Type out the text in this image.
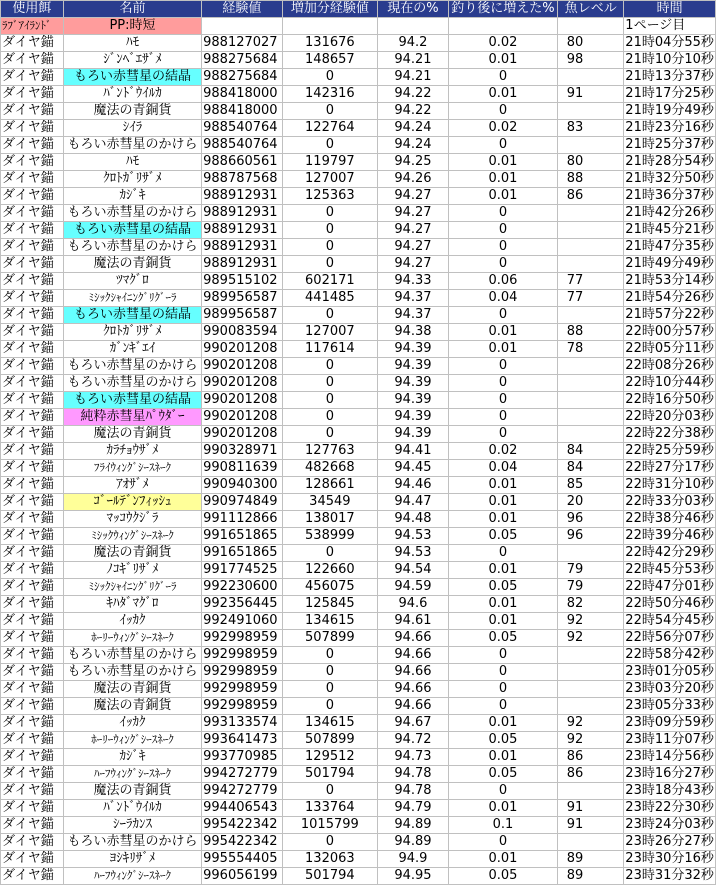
使用餌	名前	経験値	増加分経験値	現在の%	釣り後に増えた%	魚レベル	時間
ﾗﾌﾞｱｲﾗﾝﾄﾞ	PP:時短						1ページ目
ダイヤ錨	ﾊﾓ	988127027	131676	94.2	0.02	80	21時04分55秒
ダイヤ錨	ｼﾞﾝﾍﾞｴｻﾞﾒ	988275684	148657	94.21	0.01	98	21時10分10秒
ダイヤ錨	もろい赤彗星の結晶	988275684	0	94.21	0		21時13分37秒
ダイヤ錨	ﾊﾞﾝﾄﾞｳｲﾙｶ	988418000	142316	94.22	0.01	91	21時17分25秒
ダイヤ錨	魔法の青銅貨	988418000	0	94.22	0		21時19分49秒
ダイヤ錨	ｼｲﾗ	988540764	122764	94.24	0.02	83	21時23分16秒
ダイヤ錨	もろい赤彗星のかけら	988540764	0	94.24	0		21時25分37秒
ダイヤ錨	ﾊﾓ	988660561	119797	94.25	0.01	80	21時28分54秒
ダイヤ錨	ｸﾛﾄｶﾞﾘｻﾞﾒ	988787568	127007	94.26	0.01	88	21時32分50秒
ダイヤ錨	ｶｼﾞｷ	988912931	125363	94.27	0.01	86	21時36分37秒
ダイヤ錨	もろい赤彗星のかけら	988912931	0	94.27	0		21時42分26秒
ダイヤ錨	もろい赤彗星の結晶	988912931	0	94.27	0		21時45分21秒
ダイヤ錨	もろい赤彗星のかけら	988912931	0	94.27	0		21時47分35秒
ダイヤ錨	魔法の青銅貨	988912931	0	94.27	0		21時49分49秒
ダイヤ錨	ﾂﾏｸﾞﾛ	989515102	602171	94.33	0.06	77	21時53分14秒
ダイヤ錨	ﾐｼｯｸｼｬｲﾆﾝｸﾞﾘｸﾞｰﾗ	989956587	441485	94.37	0.04	77	21時54分26秒
ダイヤ錨	もろい赤彗星の結晶	989956587	0	94.37	0		21時57分22秒
ダイヤ錨	ｸﾛﾄｶﾞﾘｻﾞﾒ	990083594	127007	94.38	0.01	88	22時00分57秒
ダイヤ錨	ｶﾞﾝｷﾞｴｲ	990201208	117614	94.39	0.01	78	22時05分11秒
ダイヤ錨	もろい赤彗星のかけら	990201208	0	94.39	0		22時08分26秒
ダイヤ錨	もろい赤彗星のかけら	990201208	0	94.39	0		22時10分44秒
ダイヤ錨	もろい赤彗星の結晶	990201208	0	94.39	0		22時16分50秒
ダイヤ錨	純粋赤彗星ﾊﾟｳﾀﾞｰ	990201208	0	94.39	0		22時20分03秒
ダイヤ錨	魔法の青銅貨	990201208	0	94.39	0		22時22分38秒
ダイヤ錨	ｶﾗﾁｮｳｻﾞﾒ	990328971	127763	94.41	0.02	84	22時25分59秒
ダイヤ錨	ﾌﾗｲｳｨﾝｸﾞｼｰｽﾈｰｸ	990811639	482668	94.45	0.04	84	22時27分17秒
ダイヤ錨	ｱｵｻﾞﾒ	990940300	128661	94.46	0.01	85	22時31分10秒
ダイヤ錨	ｺﾞｰﾙﾃﾞﾝﾌｨｯｼｭ	990974849	34549	94.47	0.01	20	22時33分03秒
ダイヤ錨	ﾏｯｺｳｸｼﾞﾗ	991112866	138017	94.48	0.01	96	22時38分46秒
ダイヤ錨	ﾐｼｯｸｳｨﾝｸﾞｼｰｽﾈｰｸ	991651865	538999	94.53	0.05	96	22時39分46秒
ダイヤ錨	魔法の青銅貨	991651865	0	94.53	0		22時42分29秒
ダイヤ錨	ﾉｺｷﾞﾘｻﾞﾒ	991774525	122660	94.54	0.01	79	22時45分53秒
ダイヤ錨	ﾐｼｯｸｼｬｲﾆﾝｸﾞﾘｸﾞｰﾗ	992230600	456075	94.59	0.05	79	22時47分01秒
ダイヤ錨	ｷﾊﾀﾞﾏｸﾞﾛ	992356445	125845	94.6	0.01	82	22時50分46秒
ダイヤ錨	ｲｯｶｸ	992491060	134615	94.61	0.01	92	22時54分45秒
ダイヤ錨	ﾎｰﾘｰｳｨﾝｸﾞｼｰｽﾈｰｸ	992998959	507899	94.66	0.05	92	22時56分07秒
ダイヤ錨	もろい赤彗星のかけら	992998959	0	94.66	0		22時58分42秒
ダイヤ錨	もろい赤彗星のかけら	992998959	0	94.66	0		23時01分05秒
ダイヤ錨	魔法の青銅貨	992998959	0	94.66	0		23時03分20秒
ダイヤ錨	魔法の青銅貨	992998959	0	94.66	0		23時05分33秒
ダイヤ錨	ｲｯｶｸ	993133574	134615	94.67	0.01	92	23時09分59秒
ダイヤ錨	ﾎｰﾘｰｳｨﾝｸﾞｼｰｽﾈｰｸ	993641473	507899	94.72	0.05	92	23時11分07秒
ダイヤ錨	ｶｼﾞｷ	993770985	129512	94.73	0.01	86	23時14分56秒
ダイヤ錨	ﾊｰﾌｳｨﾝｸﾞｼｰｽﾈｰｸ	994272779	501794	94.78	0.05	86	23時16分27秒
ダイヤ錨	魔法の青銅貨	994272779	0	94.78	0		23時18分43秒
ダイヤ錨	ﾊﾞﾝﾄﾞｳｲﾙｶ	994406543	133764	94.79	0.01	91	23時22分30秒
ダイヤ錨	ｼｰﾗｶﾝｽ	995422342	1015799	94.89	0.1	91	23時24分03秒
ダイヤ錨	もろい赤彗星のかけら	995422342	0	94.89	0		23時26分27秒
ダイヤ錨	ﾖｼｷﾘｻﾞﾒ	995554405	132063	94.9	0.01	89	23時30分16秒
ダイヤ錨	ﾊｰﾌｳｨﾝｸﾞｼｰｽﾈｰｸ	996056199	501794	94.95	0.05	89	23時31分32秒
